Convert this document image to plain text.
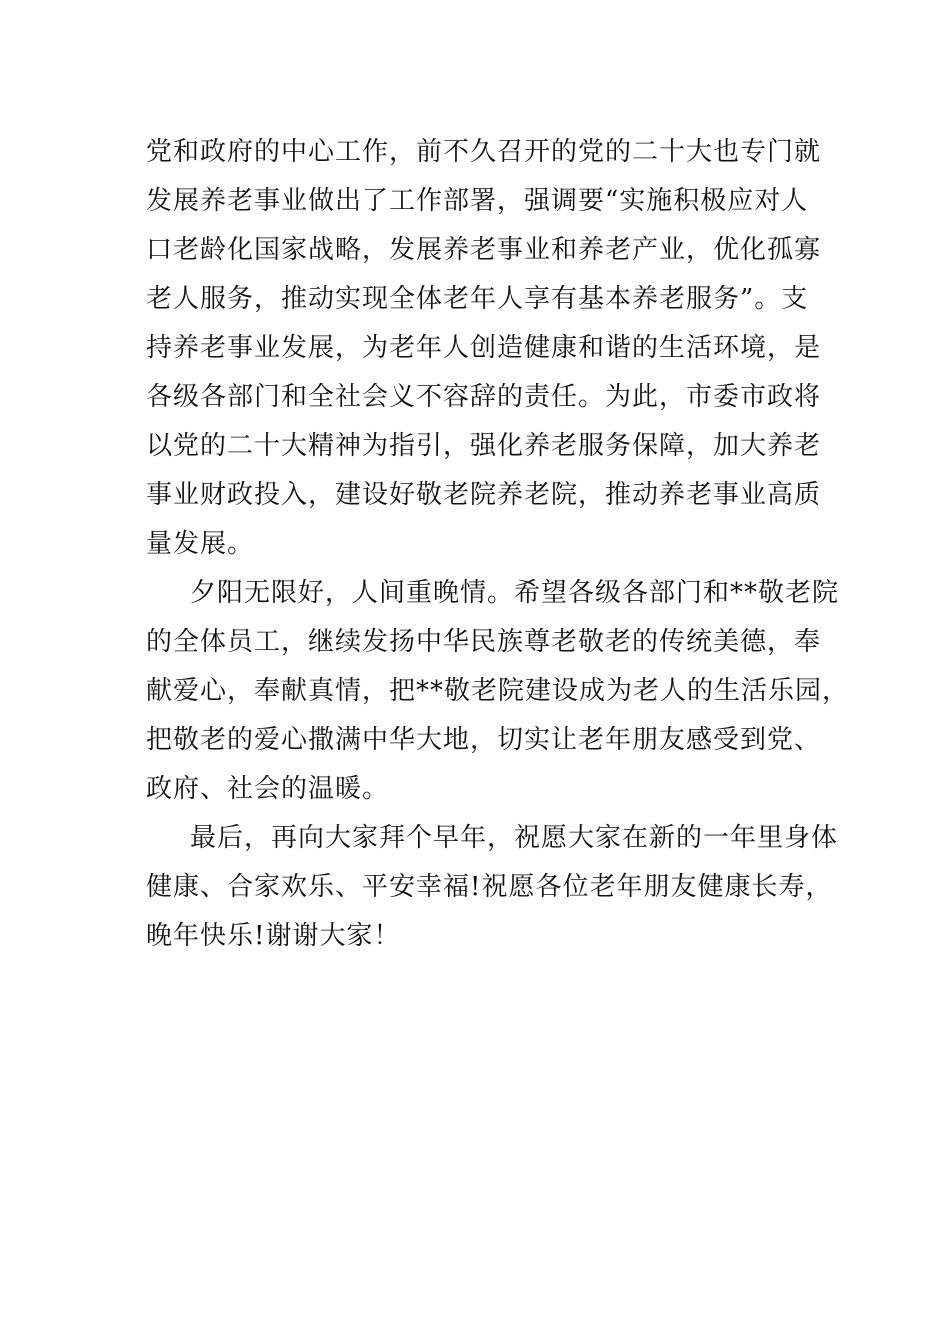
党和政府的中心工作，前不久召开的党的二十大也专门就
发展养老事业做出了工作部署，强调要“实施积极应对人
口老龄化国家战略，发展养老事业和养老产业，优化孤寡
老人服务，推动实现全体老年人享有基本养老服务”。支
持养老事业发展，为老年人创造健康和谐的生活环境，是
各级各部门和全社会义不容辞的责任。为此，市委市政将
以党的二十大精神为指引，强化养老服务保障，加大养老
事业财政投入，建设好敬老院养老院，推动养老事业高质
量发展。
夕阳无限好，人间重晚情。希望各级各部门和**敬老院
的全体员工，继续发扬中华民族尊老敬老的传统美德，奉
献爱心，奉献真情，把**敬老院建设成为老人的生活乐园，
把敬老的爱心撒满中华大地，切实让老年朋友感受到党、
政府、社会的温暖。
最后，再向大家拜个早年，祝愿大家在新的一年里身体
健康、合家欢乐、平安幸福!祝愿各位老年朋友健康长寿，
晚年快乐!谢谢大家！
